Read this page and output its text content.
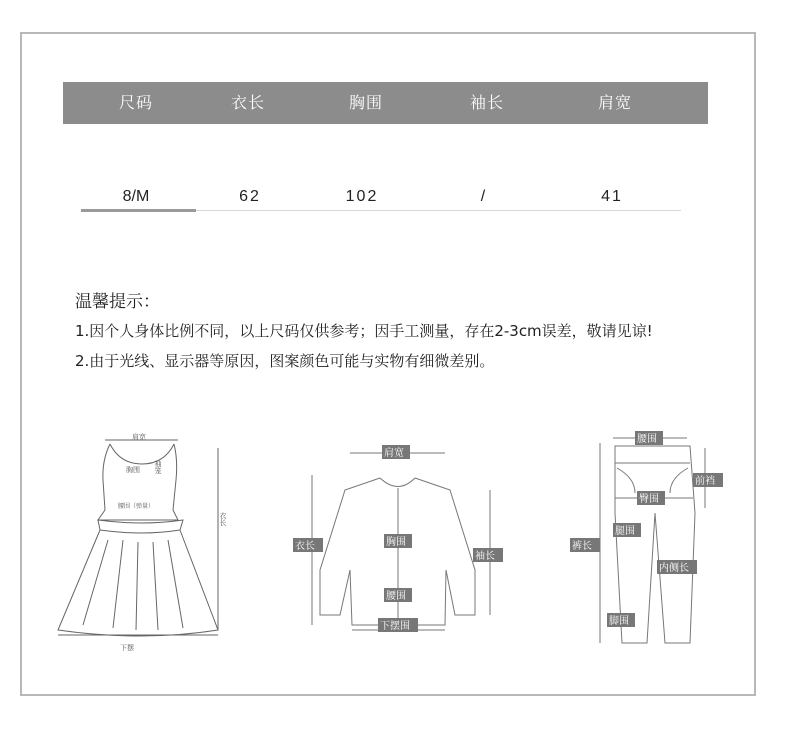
尺码	衣长	胸围	袖长	肩宽
8/M	62	102	/	41
温馨提示：
1.因个人身体比例不同，以上尺码仅供参考；因手工测量，存在2-3cm误差，敬请见谅!
2.由于光线、显示器等原因，图案颜色可能与实物有细微差别。
肩宽
袖笼
胸围
腰围（弹量）
衣长
下摆
肩宽
衣长	胸围
袖长
腰围
下摆围
腰围
前裆
臀围
裤长
腿围
内侧长
脚围
